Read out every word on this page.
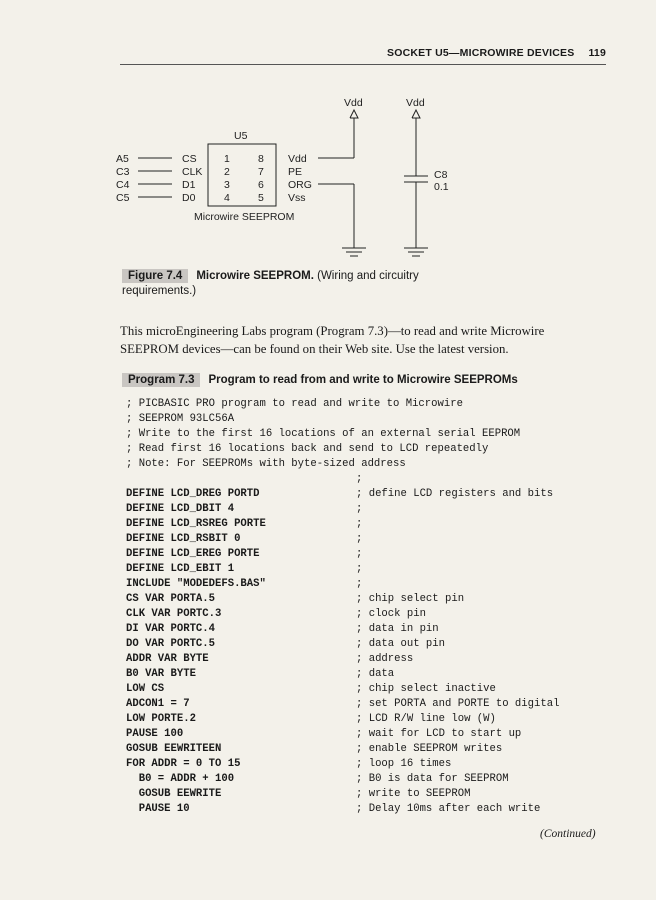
SOCKET U5—MICROWIRE DEVICES 119
Vdd	Vdd
U5
A5
C3
C4
C5
CS
CLK
D1
D0
1
2
3
4
8
7
6
5
Vdd
PE
ORG
Vss
Microwire SEEPROM
C8
0.1
Figure 7.4 Microwire SEEPROM. (Wiring and circuitry
requirements.)
This microEngineering Labs program (Program 7.3)—to read and write Microwire SEEPROM devices—can be found on their Web site. Use the latest version.
Program 7.3 Program to read from and write to Microwire SEEPROMs
; PICBASIC PRO program to read and write to Microwire
; SEEPROM 93LC56A
; Write to the first 16 locations of an external serial EEPROM
; Read first 16 locations back and send to LCD repeatedly
; Note: For SEEPROMs with byte-sized address
;
DEFINE LCD_DREG PORTD	; define LCD registers and bits
DEFINE LCD_DBIT 4	;
DEFINE LCD_RSREG PORTE	;
DEFINE LCD_RSBIT 0	;
DEFINE LCD_EREG PORTE	;
DEFINE LCD_EBIT 1	;
INCLUDE "MODEDEFS.BAS"	;
CS VAR PORTA.5	; chip select pin
CLK VAR PORTC.3	; clock pin
DI VAR PORTC.4	; data in pin
DO VAR PORTC.5	; data out pin
ADDR VAR BYTE	; address
B0 VAR BYTE	; data
LOW CS	; chip select inactive
ADCON1 = 7	; set PORTA and PORTE to digital
LOW PORTE.2	; LCD R/W line low (W)
PAUSE 100	; wait for LCD to start up
GOSUB EEWRITEEN	; enable SEEPROM writes
FOR ADDR = 0 TO 15	; loop 16 times
B0 = ADDR + 100	; B0 is data for SEEPROM
GOSUB EEWRITE	; write to SEEPROM
PAUSE 10	; Delay 10ms after each write
(Continued)
